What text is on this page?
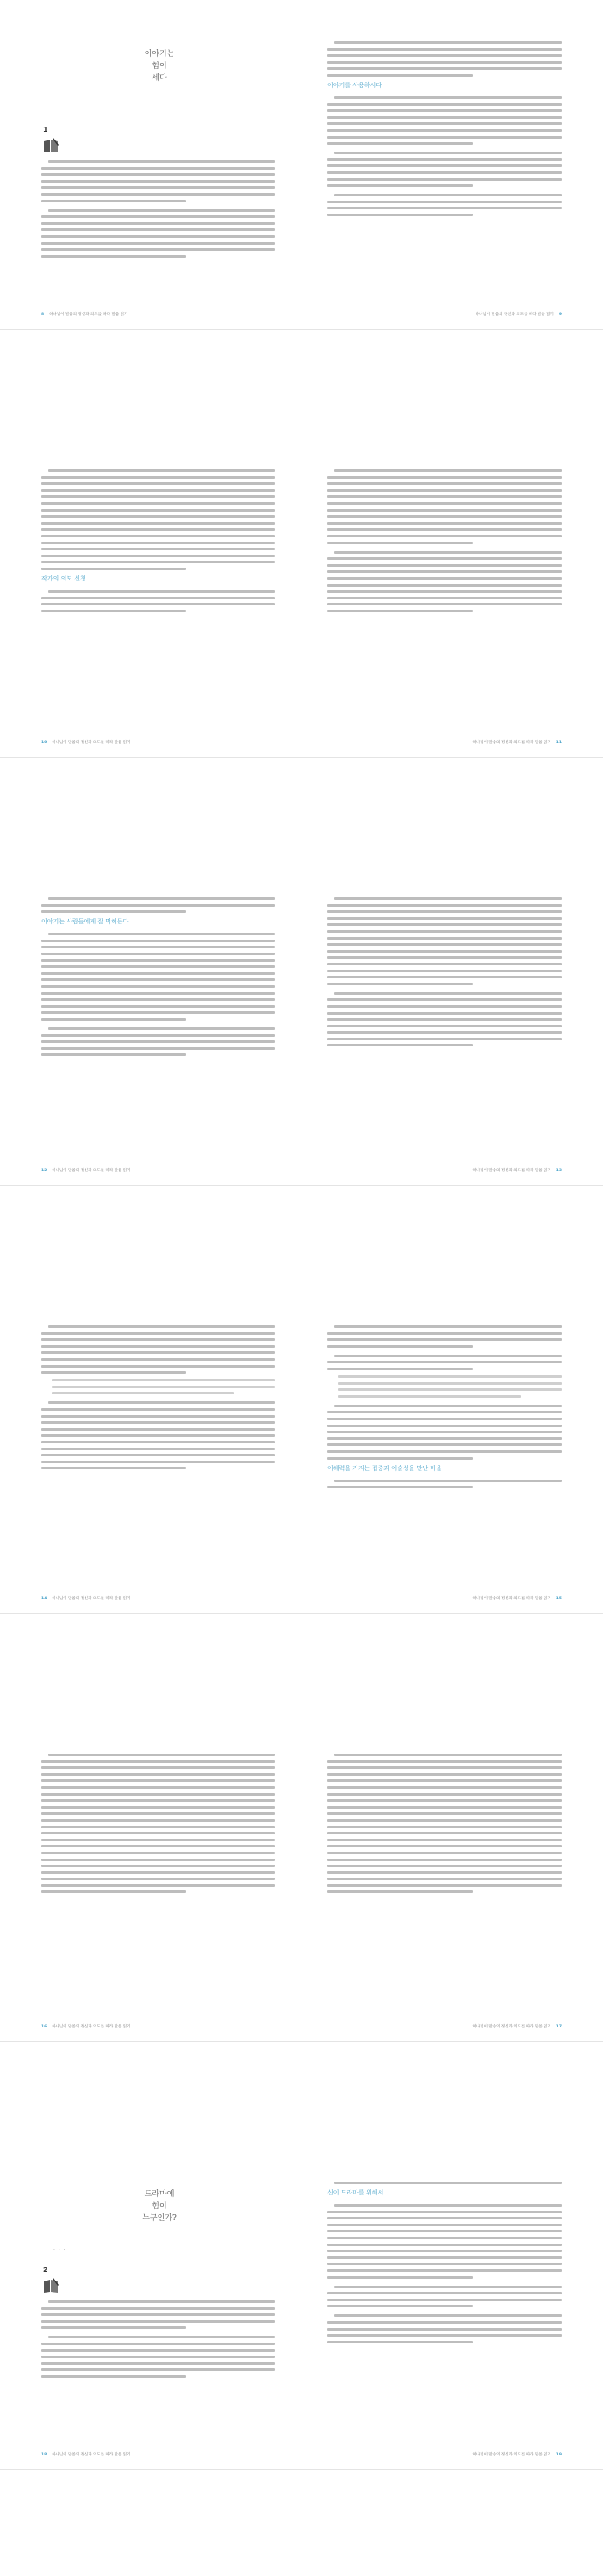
이야기는
힘이
세다
· · ·
1
8 하나님이 말씀의 정신과 의도를 따라 말씀 읽기
이야기를 사용하시다
하나님이 말씀의 정신과 의도를 따라 말씀 읽기 9
작가의 의도 신청
10 하나님이 말씀의 정신과 의도를 따라 말씀 읽기	하나님이 말씀의 정신과 의도를 따라 말씀 읽기 11
이야기는 사람들에게 잘 먹혀든다
12 하나님이 말씀의 정신과 의도를 따라 말씀 읽기	하나님이 말씀의 정신과 의도를 따라 말씀 읽기 13
14 하나님이 말씀의 정신과 의도를 따라 말씀 읽기
이해력을 가지는 집중과 예술성을 만난 마을
하나님이 말씀의 정신과 의도를 따라 말씀 읽기 15
16 하나님이 말씀의 정신과 의도를 따라 말씀 읽기	하나님이 말씀의 정신과 의도를 따라 말씀 읽기 17
드라마에
힘이
누구인가?
· · ·
2
18 하나님이 말씀의 정신과 의도를 따라 말씀 읽기
신이 드라마를 위해서
하나님이 말씀의 정신과 의도를 따라 말씀 읽기 19
